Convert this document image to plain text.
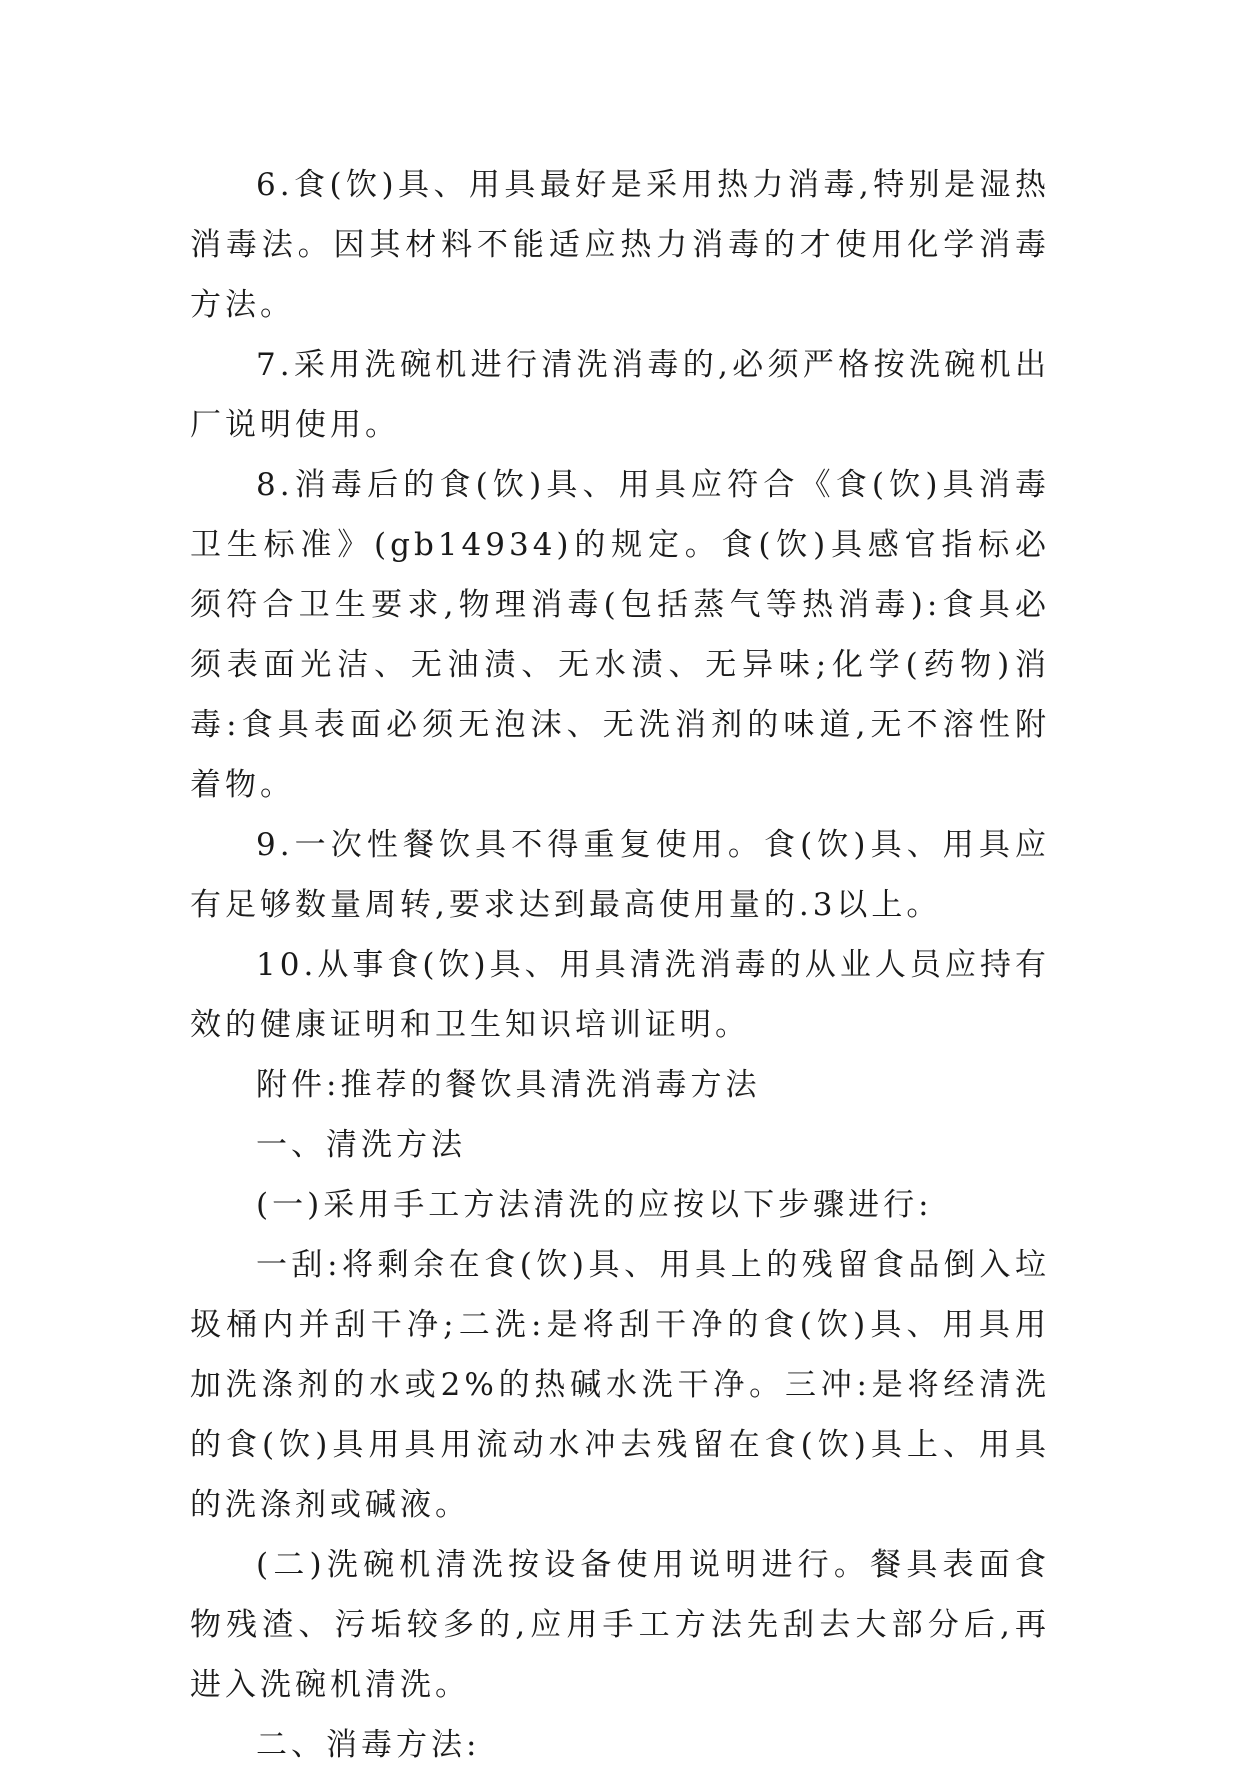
6.食(饮)具、用具最好是采用热力消毒,特别是湿热消毒法。因其材料不能适应热力消毒的才使用化学消毒方法。

7.采用洗碗机进行清洗消毒的,必须严格按洗碗机出厂说明使用。

8.消毒后的食(饮)具、用具应符合《食(饮)具消毒卫生标准》(gb14934)的规定。食(饮)具感官指标必须符合卫生要求,物理消毒(包括蒸气等热消毒):食具必须表面光洁、无油渍、无水渍、无异味;化学(药物)消毒:食具表面必须无泡沫、无洗消剂的味道,无不溶性附着物。

9.一次性餐饮具不得重复使用。食(饮)具、用具应有足够数量周转,要求达到最高使用量的.3以上。

10.从事食(饮)具、用具清洗消毒的从业人员应持有效的健康证明和卫生知识培训证明。

附件:推荐的餐饮具清洗消毒方法

一、清洗方法

(一)采用手工方法清洗的应按以下步骤进行:

一刮:将剩余在食(饮)具、用具上的残留食品倒入垃圾桶内并刮干净;二洗:是将刮干净的食(饮)具、用具用加洗涤剂的水或2%的热碱水洗干净。三冲:是将经清洗的食(饮)具用具用流动水冲去残留在食(饮)具上、用具的洗涤剂或碱液。

(二)洗碗机清洗按设备使用说明进行。餐具表面食物残渣、污垢较多的,应用手工方法先刮去大部分后,再进入洗碗机清洗。

二、消毒方法:
